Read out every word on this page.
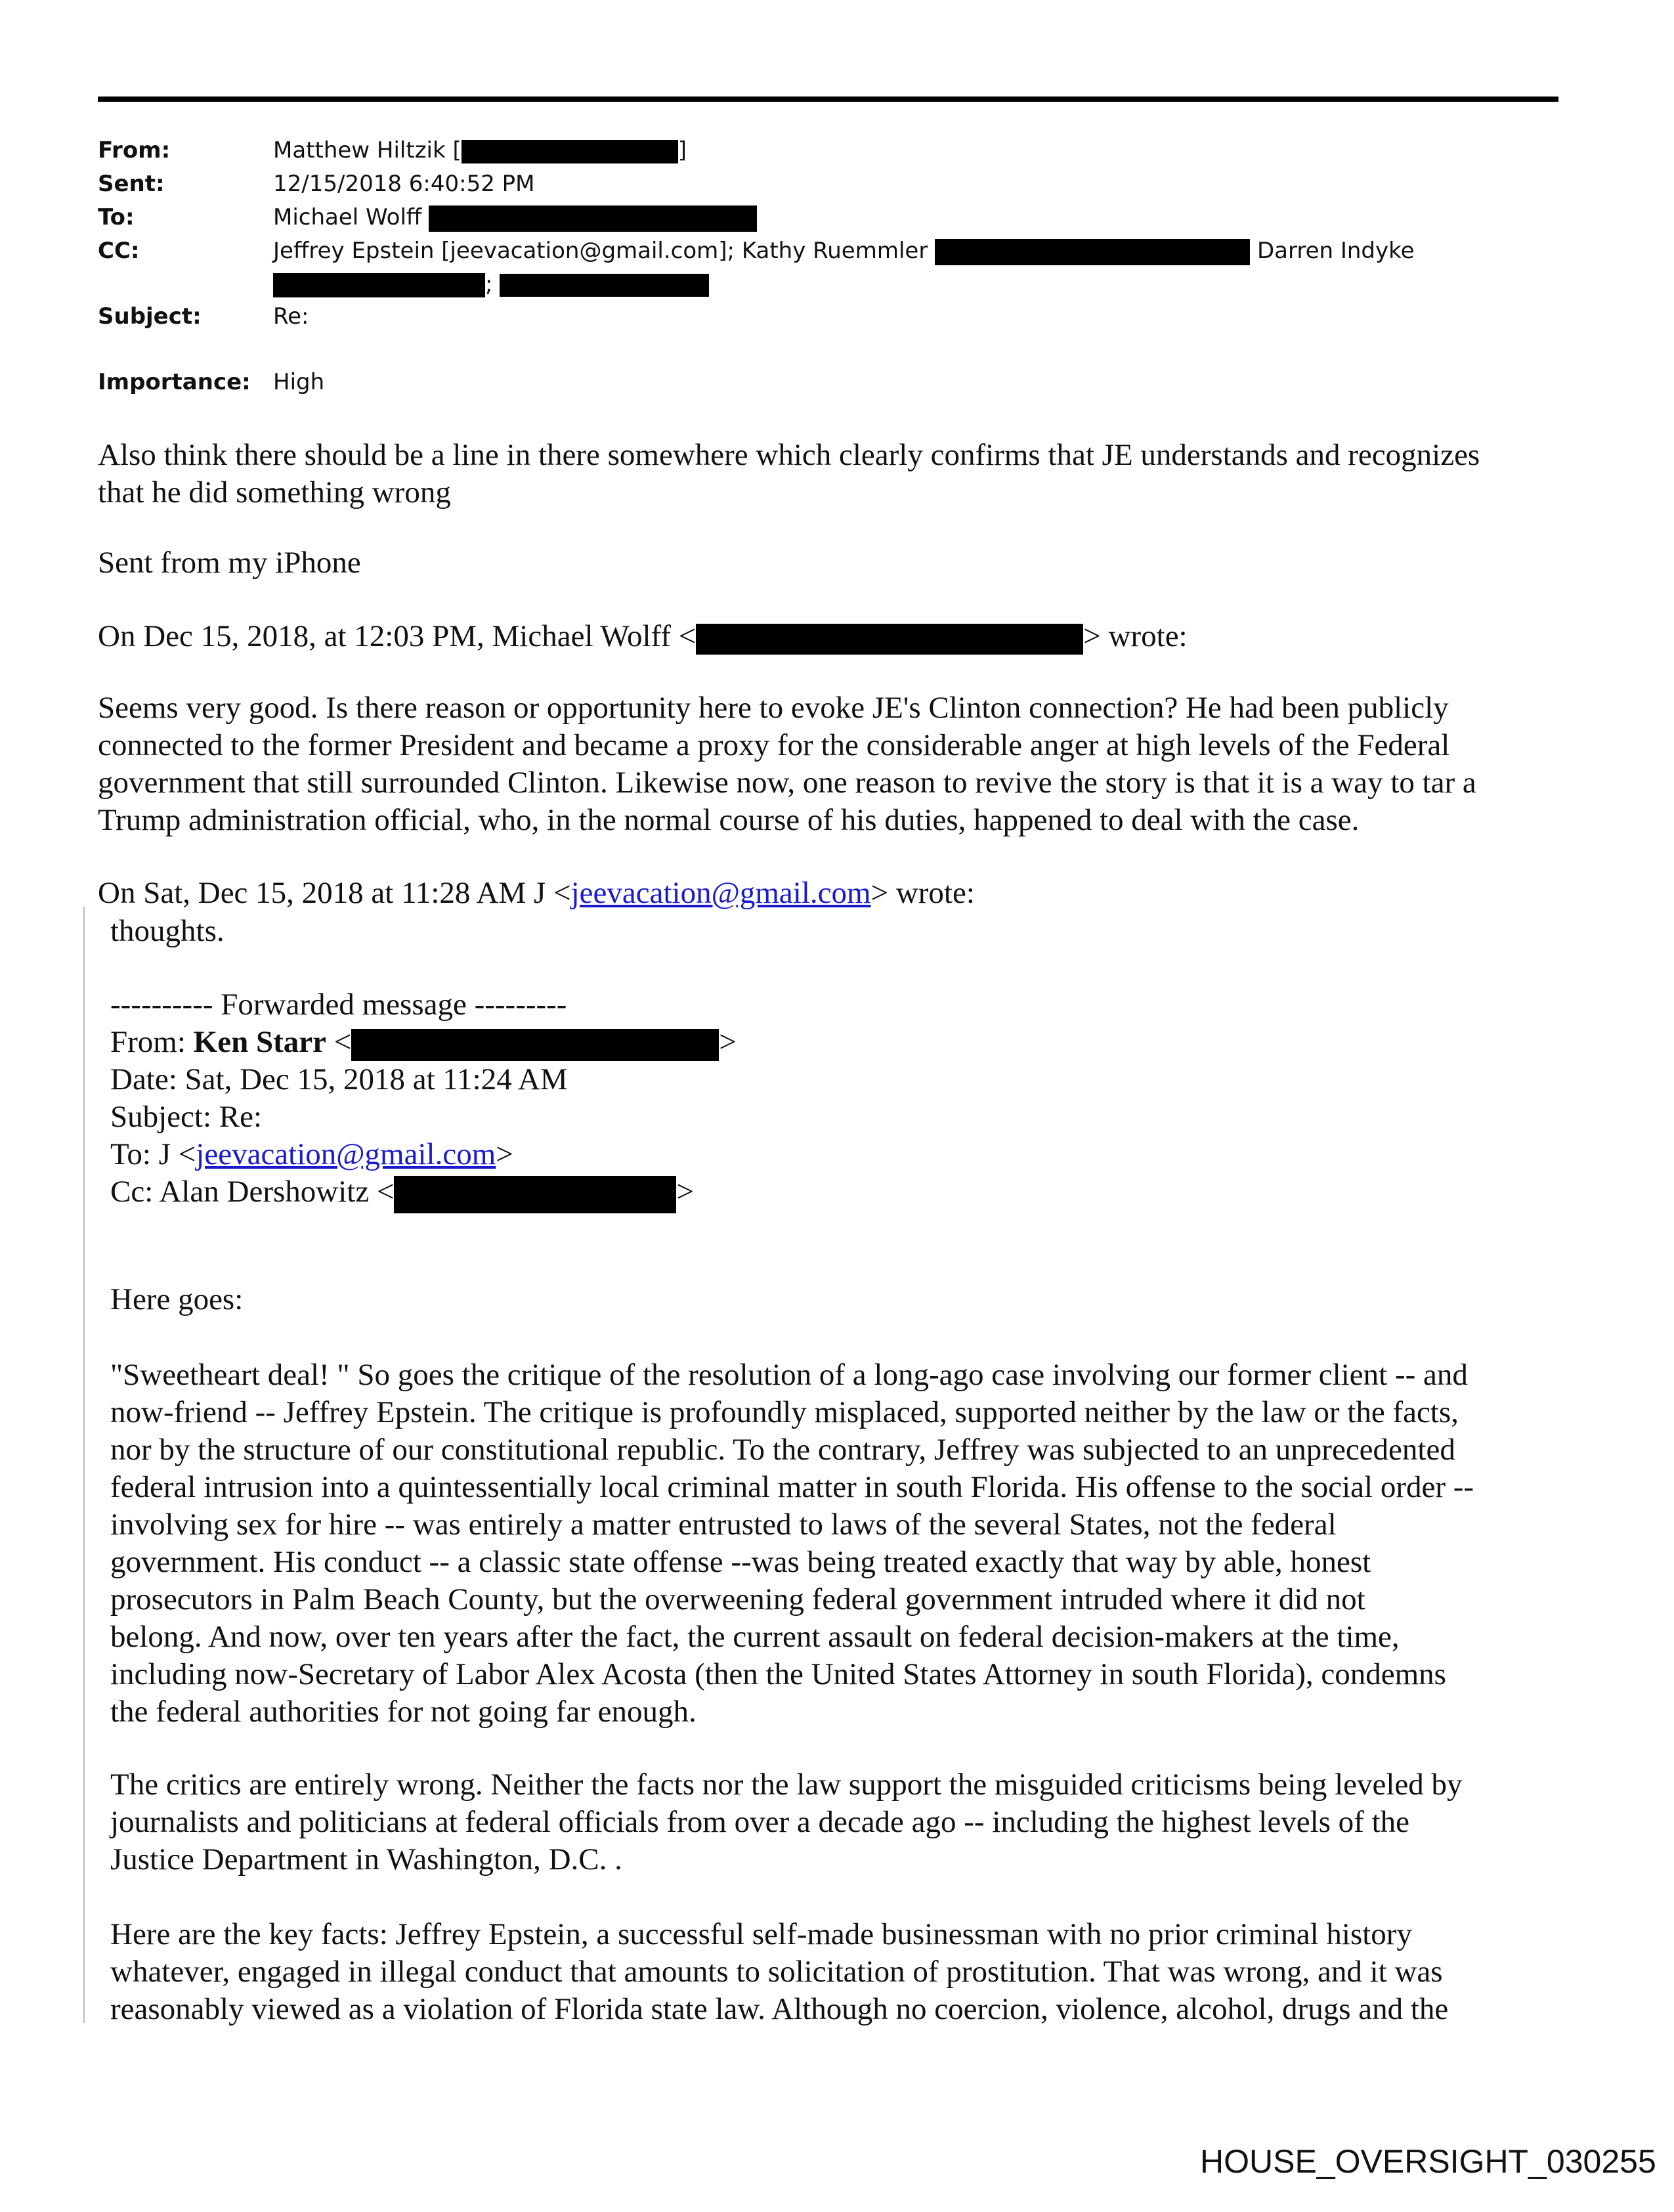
From:	Matthew Hiltzik [	]
Sent:	12/15/2018 6:40:52 PM
To:	Michael Wolff
CC:	Jeffrey Epstein [jeevacation@gmail.com]; Kathy Ruemmler	Darren Indyke
;
Subject:	Re:
Importance: High
Also think there should be a line in there somewhere which clearly confirms that JE understands and recognizes
that he did something wrong
Sent from my iPhone
On Dec 15, 2018, at 12:03 PM, Michael Wolff <	> wrote:
Seems very good. Is there reason or opportunity here to evoke JE's Clinton connection? He had been publicly
connected to the former President and became a proxy for the considerable anger at high levels of the Federal
government that still surrounded Clinton. Likewise now, one reason to revive the story is that it is a way to tar a
Trump administration official, who, in the normal course of his duties, happened to deal with the case.
On Sat, Dec 15, 2018 at 11:28 AM J <jeevacation@gmail.com> wrote:
thoughts.
---------- Forwarded message ---------
From: Ken Starr <	>
Date: Sat, Dec 15, 2018 at 11:24 AM
Subject: Re:
To: J <jeevacation@gmail.com>
Cc: Alan Dershowitz <	>
Here goes:
"Sweetheart deal! " So goes the critique of the resolution of a long-ago case involving our former client -- and
now-friend -- Jeffrey Epstein. The critique is profoundly misplaced, supported neither by the law or the facts,
nor by the structure of our constitutional republic. To the contrary, Jeffrey was subjected to an unprecedented
federal intrusion into a quintessentially local criminal matter in south Florida. His offense to the social order --
involving sex for hire -- was entirely a matter entrusted to laws of the several States, not the federal
government. His conduct -- a classic state offense --was being treated exactly that way by able, honest
prosecutors in Palm Beach County, but the overweening federal government intruded where it did not
belong. And now, over ten years after the fact, the current assault on federal decision-makers at the time,
including now-Secretary of Labor Alex Acosta (then the United States Attorney in south Florida), condemns
the federal authorities for not going far enough.
The critics are entirely wrong. Neither the facts nor the law support the misguided criticisms being leveled by
journalists and politicians at federal officials from over a decade ago -- including the highest levels of the
Justice Department in Washington, D.C. .
Here are the key facts: Jeffrey Epstein, a successful self-made businessman with no prior criminal history
whatever, engaged in illegal conduct that amounts to solicitation of prostitution. That was wrong, and it was
reasonably viewed as a violation of Florida state law. Although no coercion, violence, alcohol, drugs and the
HOUSE_OVERSIGHT_030255
